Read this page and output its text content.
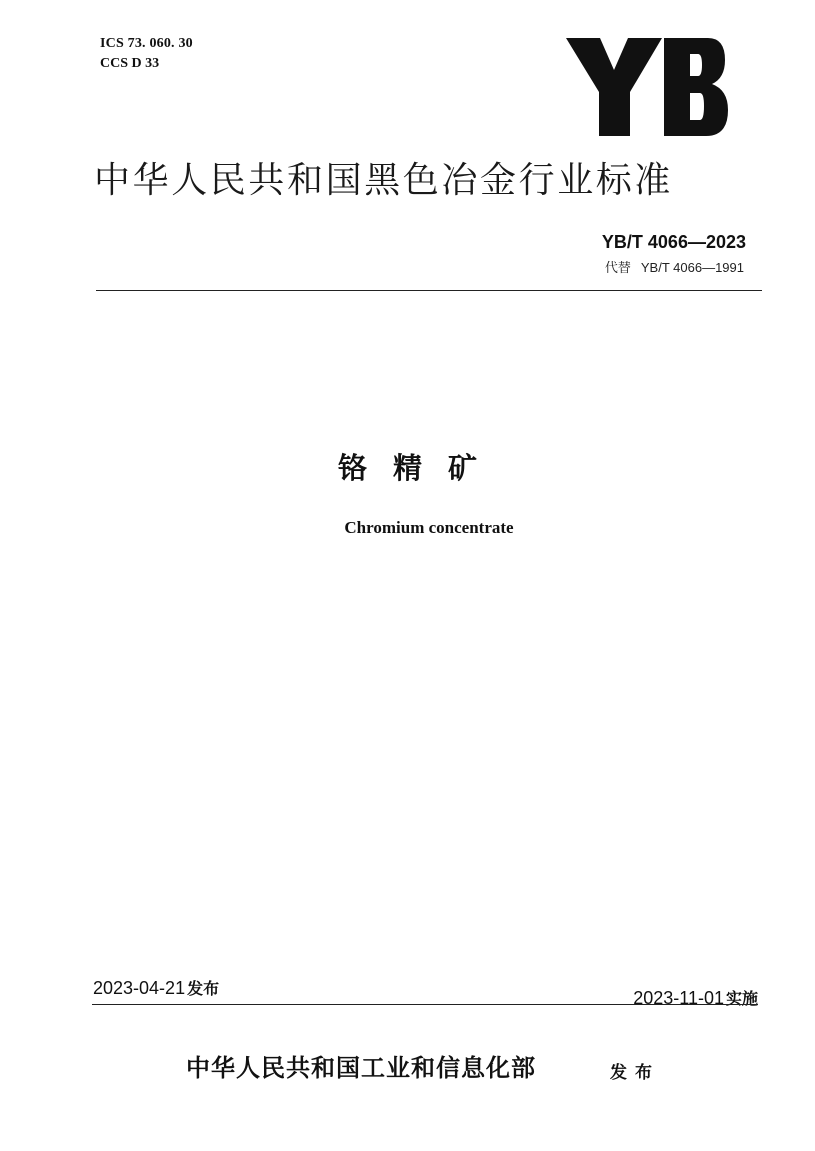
ICS 73. 060. 30
CCS D 33
中华人民共和国黑色冶金行业标准
YB/T 4066—2023
代替 YB/T 4066—1991
铬精矿
Chromium concentrate
2023-04-21 发布	2023-11-01 实施
中华人民共和国工业和信息化部	发布
